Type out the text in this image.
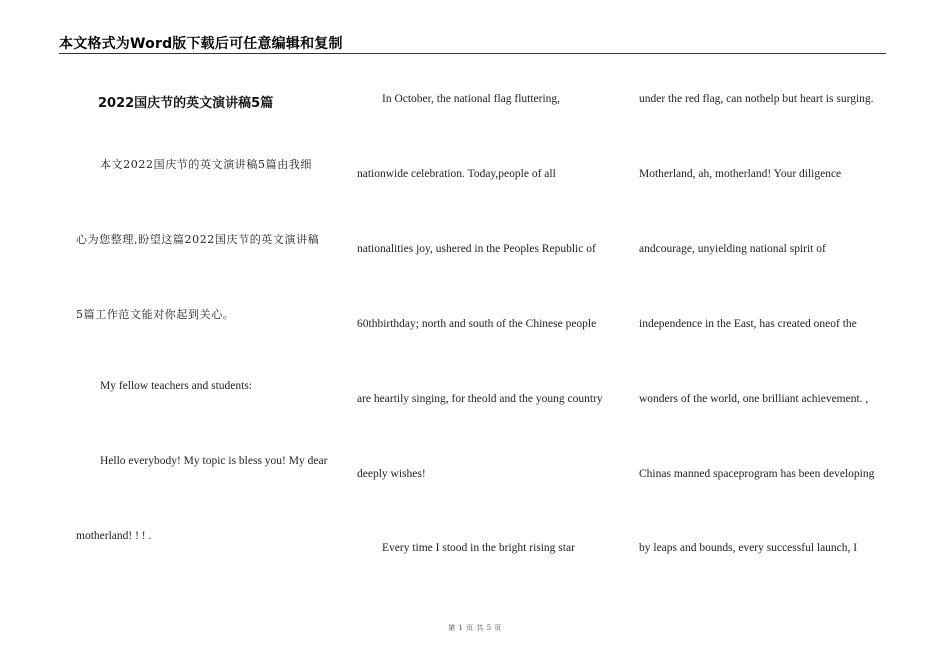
本文格式为Word版下载后可任意编辑和复制
2022国庆节的英文演讲稿5篇
本文2022国庆节的英文演讲稿5篇由我细
心为您整理,盼望这篇2022国庆节的英文演讲稿
5篇工作范文能对你起到关心。
My fellow teachers and students:
Hello everybody! My topic is bless you! My dear
motherland! ! ! .
In October, the national flag fluttering,
nationwide celebration. Today,people of all
nationalities joy, ushered in the Peoples Republic of
60thbirthday; north and south of the Chinese people
are heartily singing, for theold and the young country
deeply wishes!
Every time I stood in the bright rising star
under the red flag, can nothelp but heart is surging.
Motherland, ah, motherland! Your diligence
andcourage, unyielding national spirit of
independence in the East, has created oneof the
wonders of the world, one brilliant achievement. ,
Chinas manned spaceprogram has been developing
by leaps and bounds, every successful launch, I
第 1 页 共 5 页
